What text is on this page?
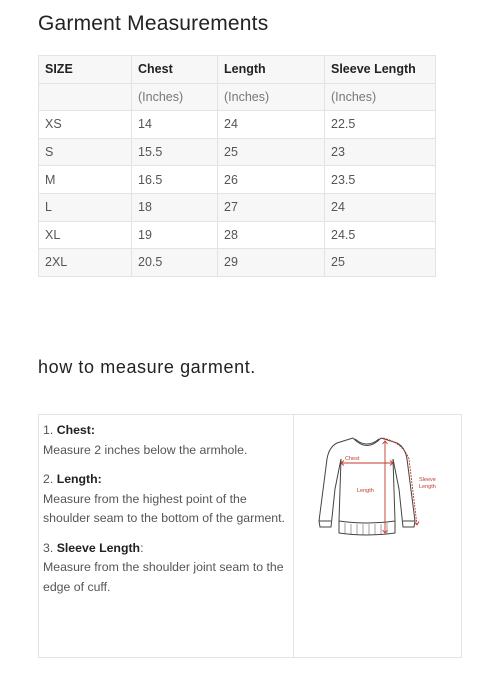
Garment Measurements
SIZE	Chest	Length	Sleeve Length
	(Inches)	(Inches)	(Inches)
XS	14	24	22.5
S	15.5	25	23
M	16.5	26	23.5
L	18	27	24
XL	19	28	24.5
2XL	20.5	29	25
how to measure garment.
1. Chest:
Measure 2 inches below the armhole.
2. Length:
Measure from the highest point of the shoulder seam to the bottom of the garment.
3. Sleeve Length:
Measure from the shoulder joint seam to the edge of cuff.
Chest
Length
Sleeve
Length
